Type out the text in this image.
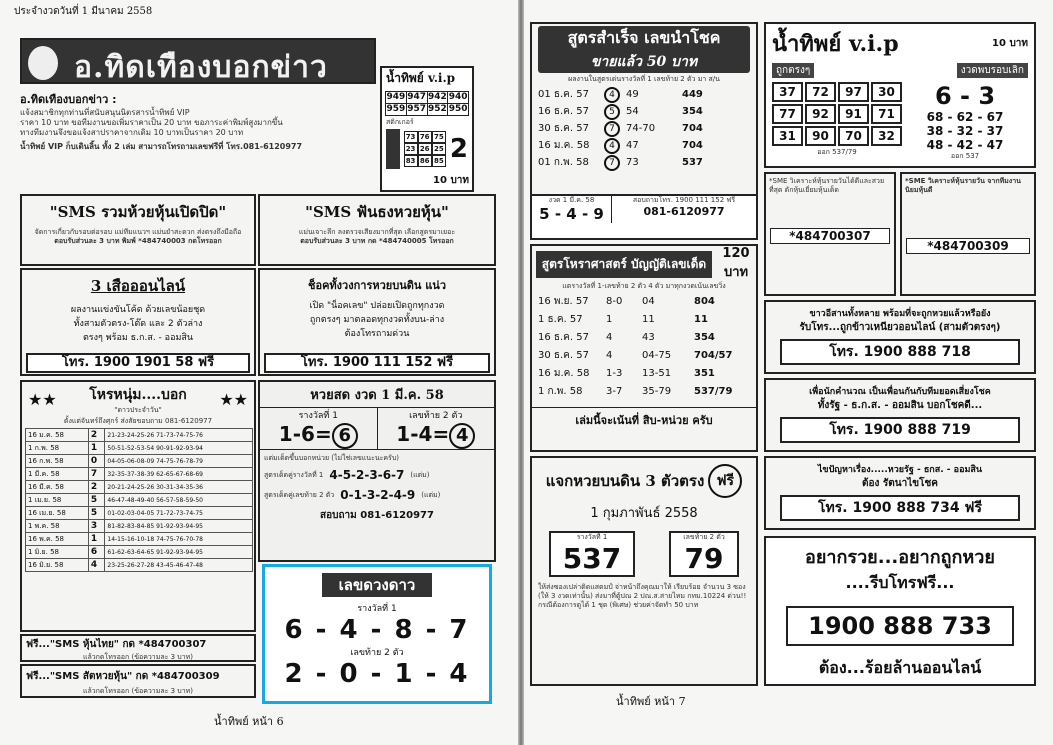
ประจำงวดวันที่ 1 มีนาคม 2558
อ.ทิดเทืองบอกข่าว
อ.ทิดเทืองบอกข่าว :
แจ้งสมาชิกทุกท่านที่สนับสนุนนิตรสารน้ำทิพย์ VIP
ราคา 10 บาท ขอทีมงานขอเพิ่มราคาเป็น 20 บาท ขอภาระค่าพิมพ์สูงมากขึ้น
ทางทีมงานจึงขอแจ้งสาปราคาจากเดิม 10 บาทเป็นราคา 20 บาท
น้ำทิพย์ VIP ก็บเดินลิ้น ทั้ง 2 เล่ม สามารถโทรถามเลขฟรีที่ โทร.081-6120977
น้ำทิพย์ v.i.p
949 947 942 940
959 957 952 950
สติกเกอร์
73 76 75
23 26 25
83 86 85 2
10 บาท
"SMS รวมห้วยหุ้นเปิดปิด"
จัดการเกี่ยวกับรอบต่อรอบ แม่ทีมแนวฯ แม่นยำสะดวก ส่งตรงถึงมือถือ
ตอบรับส่วนละ 3 บาท พิมพ์ *484740003 กดโทรออก
"SMS ฟันธงหวยหุ้น"
แม่นเจาะลึก ลงตรวจเสียงมากที่สุด เลือกสูตรมาเยอะ
ตอบรับส่วนละ 3 บาท กด *484740005 โทรออก
3 เสือออนไลน์
ผลงานแข่งขันโค้ด ด้วยเลขน้อยชุด
ทั้งสามตัวตรง-โต๊ด และ 2 ตัวล่าง
ตรงๆ พร้อม ธ.ก.ส. - ออมสิน
โทร. 1900 1901 58 ฟรี
ช็อคทั้งวงการหวยบนดิน แน่ว
เปิด "น็อคเลข" ปล่อยเปิดถูกทุกงวด
ถูกตรงๆ มาตลอดทุกงวดทั้งบน-ล่าง
ต้องโทรถามด่วน
โทร. 1900 111 152 ฟรี
★★ โหรหนุ่ม....บอก
"ดาวประจำวัน"
★★
ตั้งแต่จันทร์ถึงศุกร์ ส่งสัยขอบถาม 081-6120977
16 ม.ค. 58	2	21-23-24-25-26 71-73-74-75-76
1 ก.พ. 58	1	50-51-52-53-54 90-91-92-93-94
16 ก.พ. 58	0	04-05-06-08-09 74-75-76-78-79
1 มี.ค. 58	7	32-35-37-38-39 62-65-67-68-69
16 มี.ค. 58	2	20-21-24-25-26 30-31-34-35-36
1 เม.ย. 58	5	46-47-48-49-40 56-57-58-59-50
16 เม.ย. 58	5	01-02-03-04-05 71-72-73-74-75
1 พ.ค. 58	3	81-82-83-84-85 91-92-93-94-95
16 พ.ค. 58	1	14-15-16-10-18 74-75-76-70-78
1 มิ.ย. 58	6	61-62-63-64-65 91-92-93-94-95
16 มิ.ย. 58	4	23-25-26-27-28 43-45-46-47-48
หวยสด งวด 1 มี.ค. 58
รางวัลที่ 1
1-6= 6
เลขท้าย 2 ตัว
1-4= 4
แต่มเด็ดขึ้นบอกหน่วย (ไม่ใช่เลขแนะนะครับ)
สูตรเด็ดคู่รางวัลที่ 1 4-5-2-3-6-7 (แต่ม)
สูตรเด็ดคู่เลขท้าย 2 ตัว 0-1-3-2-4-9 (แต่ม)
สอบถาม 081-6120977
เลขดวงดาว
รางวัลที่ 1
6 - 4 - 8 - 7
เลขท้าย 2 ตัว
2 - 0 - 1 - 4
ฟรี..."SMS หุ้นไทย" กด *484700307
แล้วกดโทรออก (ข้อความละ 3 บาท)
ฟรี..."SMS สัตหวยหุ้น" กด *484700309
แล้วกดโทรออก (ข้อความละ 3 บาท)
น้ำทิพย์ หน้า 6
สูตรสำเร็จ เลขนำโชค
ขายแล้ว 50 บาท
ผลงานในสูตรเด่นรางวัลที่ 1 เลขท้าย 2 ตัว มา ส/น
01 ธ.ค. 57	4	49	449
16 ธ.ค. 57	5	54	354
30 ธ.ค. 57	7	74-70	704
16 ม.ค. 58	4	47	704
01 ก.พ. 58	7	73	537
งวด 1 มี.ค. 58
5 - 4 - 9
สอบถามโทร. 1900 111 152 ฟรี
081-6120977
สูตรโหราศาสตร์ บัญญัติเลขเด็ด
120 บาท
แตรางวัลที่ 1-เลขท้าย 2 ตัว 4 ตัว มาทุกงวดเน้นเลขวิ่ง
16 พ.ย. 57	8-0	04	804
1 ธ.ค. 57	1	11	11
16 ธ.ค. 57	4	43	354
30 ธ.ค. 57	4	04-75	704/57
16 ม.ค. 58	1-3	13-51	351
1 ก.พ. 58	3-7	35-79	537/79
เล่มนี้จะเน้นที่ สิบ-หน่วย ครับ
แจกหวยบนดิน 3 ตัวตรง ฟรี
1 กุมภาพันธ์ 2558
รางวัลที่ 1
537
เลขท้าย 2 ตัว
79
ให้ส่งซองเปล่าติดแสตมป์ จ่าหน้าถึงคุณมาให้ เรียบร้อย จำนวน 3 ซอง (ให้ 3 งวดเท่านั้น) ส่งมาที่ตู้ปณ 2 ปณ.ส.สายไหม กทม.10224 ด่วน!! กรณีต้องการดูได้ 1 ชุด (พิเศษ) ช่วยค่าจัดทำ 50 บาท
น้ำทิพย์ หน้า 7
น้ำทิพย์ v.i.p	10 บาท
ถูกตรงๆ	งวดพบรอบเลิก
37	72	97	30
77	92	91	71
31	90	70	32
ออก 537/79
6 - 3
68 - 62 - 67
38 - 32 - 37
48 - 42 - 47
ออก 537
*SME วิเคราะห์หุ้นรายวันได้ดีและสวยที่สุด ดักหุ้นเยี่ยมหุ้นเด็ด
*484700307
*SME วิเคราะห์หุ้นรายวัน จากทีมงาน นิยมหุ้นดี
*484700309
ขาวอีสานทั้งหลาย พร้อมที่จะถูกหวยแล้วหรือยัง
รับโทร...ถูกข้าวเหนียวออนไลน์ (สามตัวตรงๆ)
โทร. 1900 888 718
เพื่อนักคำนวณ เป็นเพื่อนกันกับทีมยอดเสี่ยงโชค
ทั้งรัฐ - ธ.ก.ส. - ออมสิน บอกโชคดี...
โทร. 1900 888 719
ไขปัญหาเรื่อง.....หวยรัฐ - ธกส. - ออมสิน
ต้อง รัตนาไขโชค
โทร. 1900 888 734 ฟรี
อยากรวย...อยากถูกหวย
....รีบโทรฟรี...
1900 888 733
ต้อง...ร้อยล้านออนไลน์
